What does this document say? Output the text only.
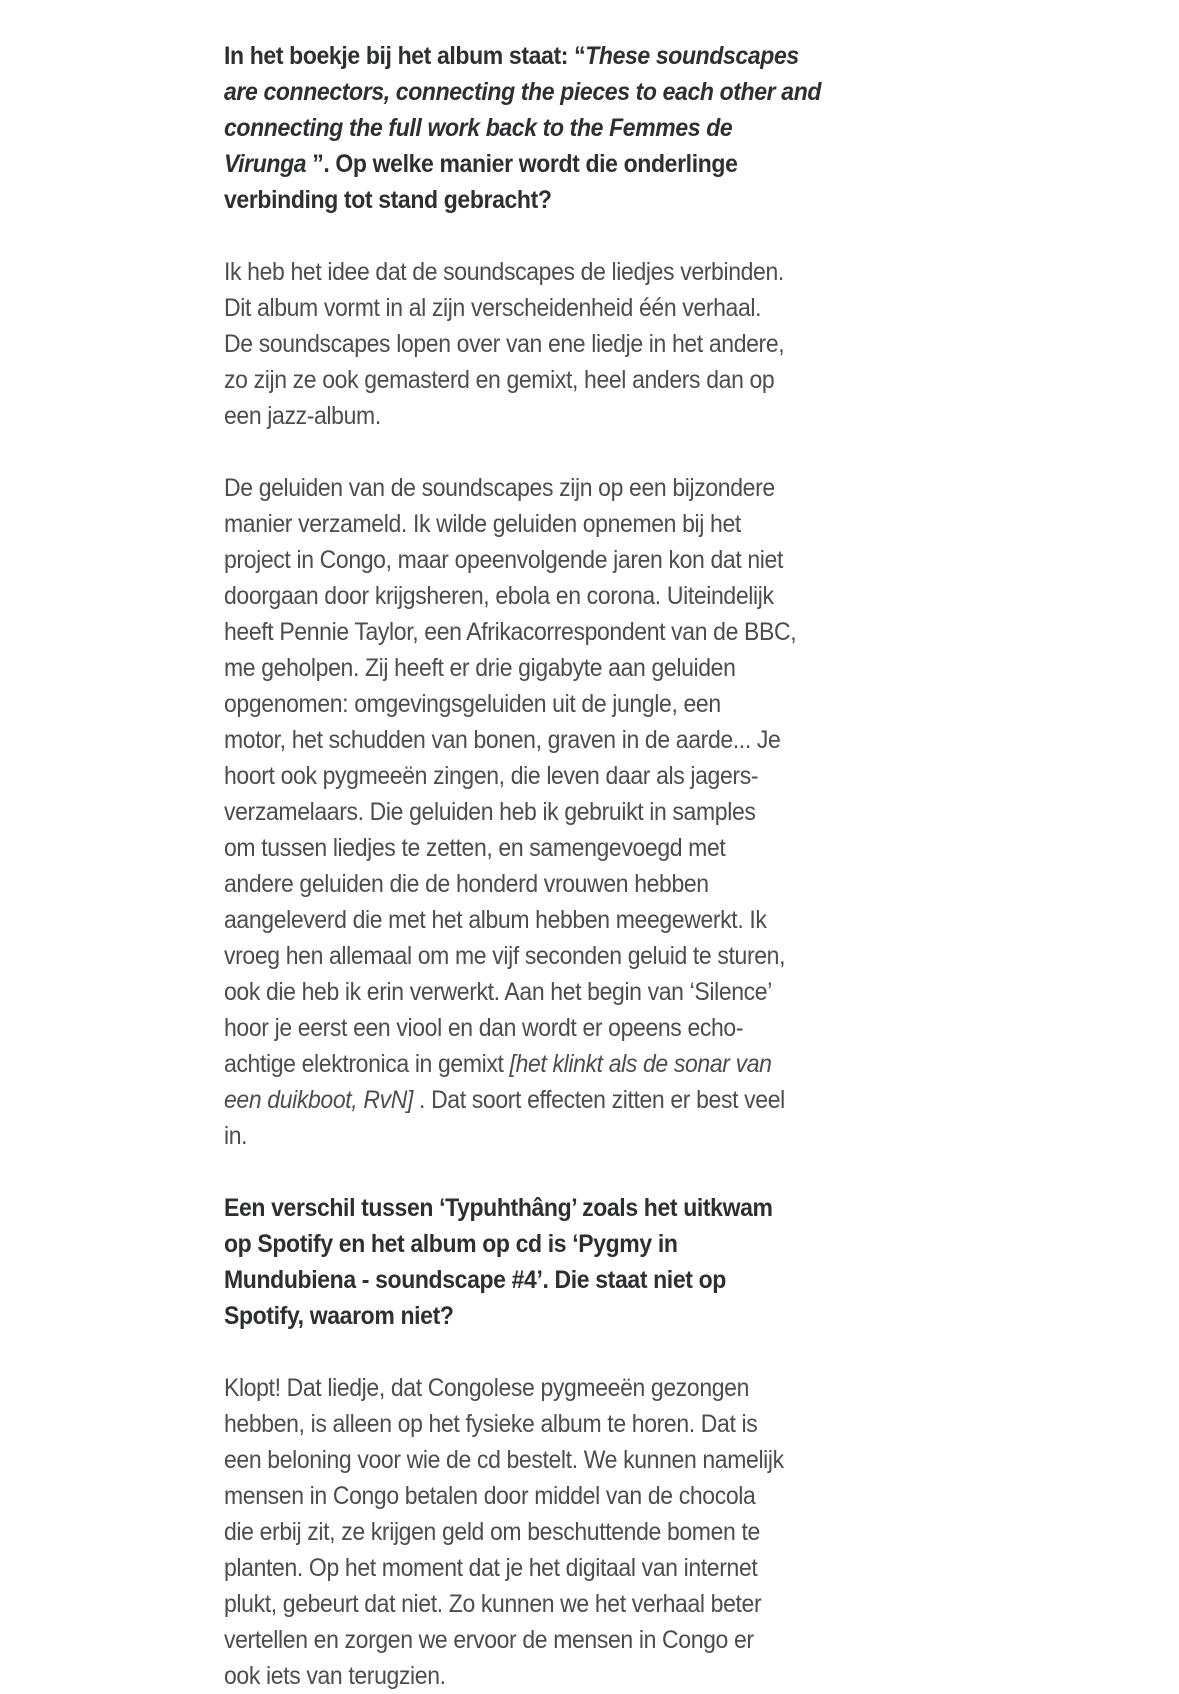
In het boekje bij het album staat: “These soundscapes
are connectors, connecting the pieces to each other and
connecting the full work back to the Femmes de
Virunga ”. Op welke manier wordt die onderlinge
verbinding tot stand gebracht?
Ik heb het idee dat de soundscapes de liedjes verbinden.
Dit album vormt in al zijn verscheidenheid één verhaal.
De soundscapes lopen over van ene liedje in het andere,
zo zijn ze ook gemasterd en gemixt, heel anders dan op
een jazz-album.
De geluiden van de soundscapes zijn op een bijzondere
manier verzameld. Ik wilde geluiden opnemen bij het
project in Congo, maar opeenvolgende jaren kon dat niet
doorgaan door krijgsheren, ebola en corona. Uiteindelijk
heeft Pennie Taylor, een Afrikacorrespondent van de BBC,
me geholpen. Zij heeft er drie gigabyte aan geluiden
opgenomen: omgevingsgeluiden uit de jungle, een
motor, het schudden van bonen, graven in de aarde... Je
hoort ook pygmeeën zingen, die leven daar als jagers-
verzamelaars. Die geluiden heb ik gebruikt in samples
om tussen liedjes te zetten, en samengevoegd met
andere geluiden die de honderd vrouwen hebben
aangeleverd die met het album hebben meegewerkt. Ik
vroeg hen allemaal om me vijf seconden geluid te sturen,
ook die heb ik erin verwerkt. Aan het begin van ‘Silence’
hoor je eerst een viool en dan wordt er opeens echo-
achtige elektronica in gemixt [het klinkt als de sonar van
een duikboot, RvN] . Dat soort effecten zitten er best veel
in.
Een verschil tussen ‘Typuhthâng’ zoals het uitkwam
op Spotify en het album op cd is ‘Pygmy in
Mundubiena - soundscape #4’. Die staat niet op
Spotify, waarom niet?
Klopt! Dat liedje, dat Congolese pygmeeën gezongen
hebben, is alleen op het fysieke album te horen. Dat is
een beloning voor wie de cd bestelt. We kunnen namelijk
mensen in Congo betalen door middel van de chocola
die erbij zit, ze krijgen geld om beschuttende bomen te
planten. Op het moment dat je het digitaal van internet
plukt, gebeurt dat niet. Zo kunnen we het verhaal beter
vertellen en zorgen we ervoor de mensen in Congo er
ook iets van terugzien.
